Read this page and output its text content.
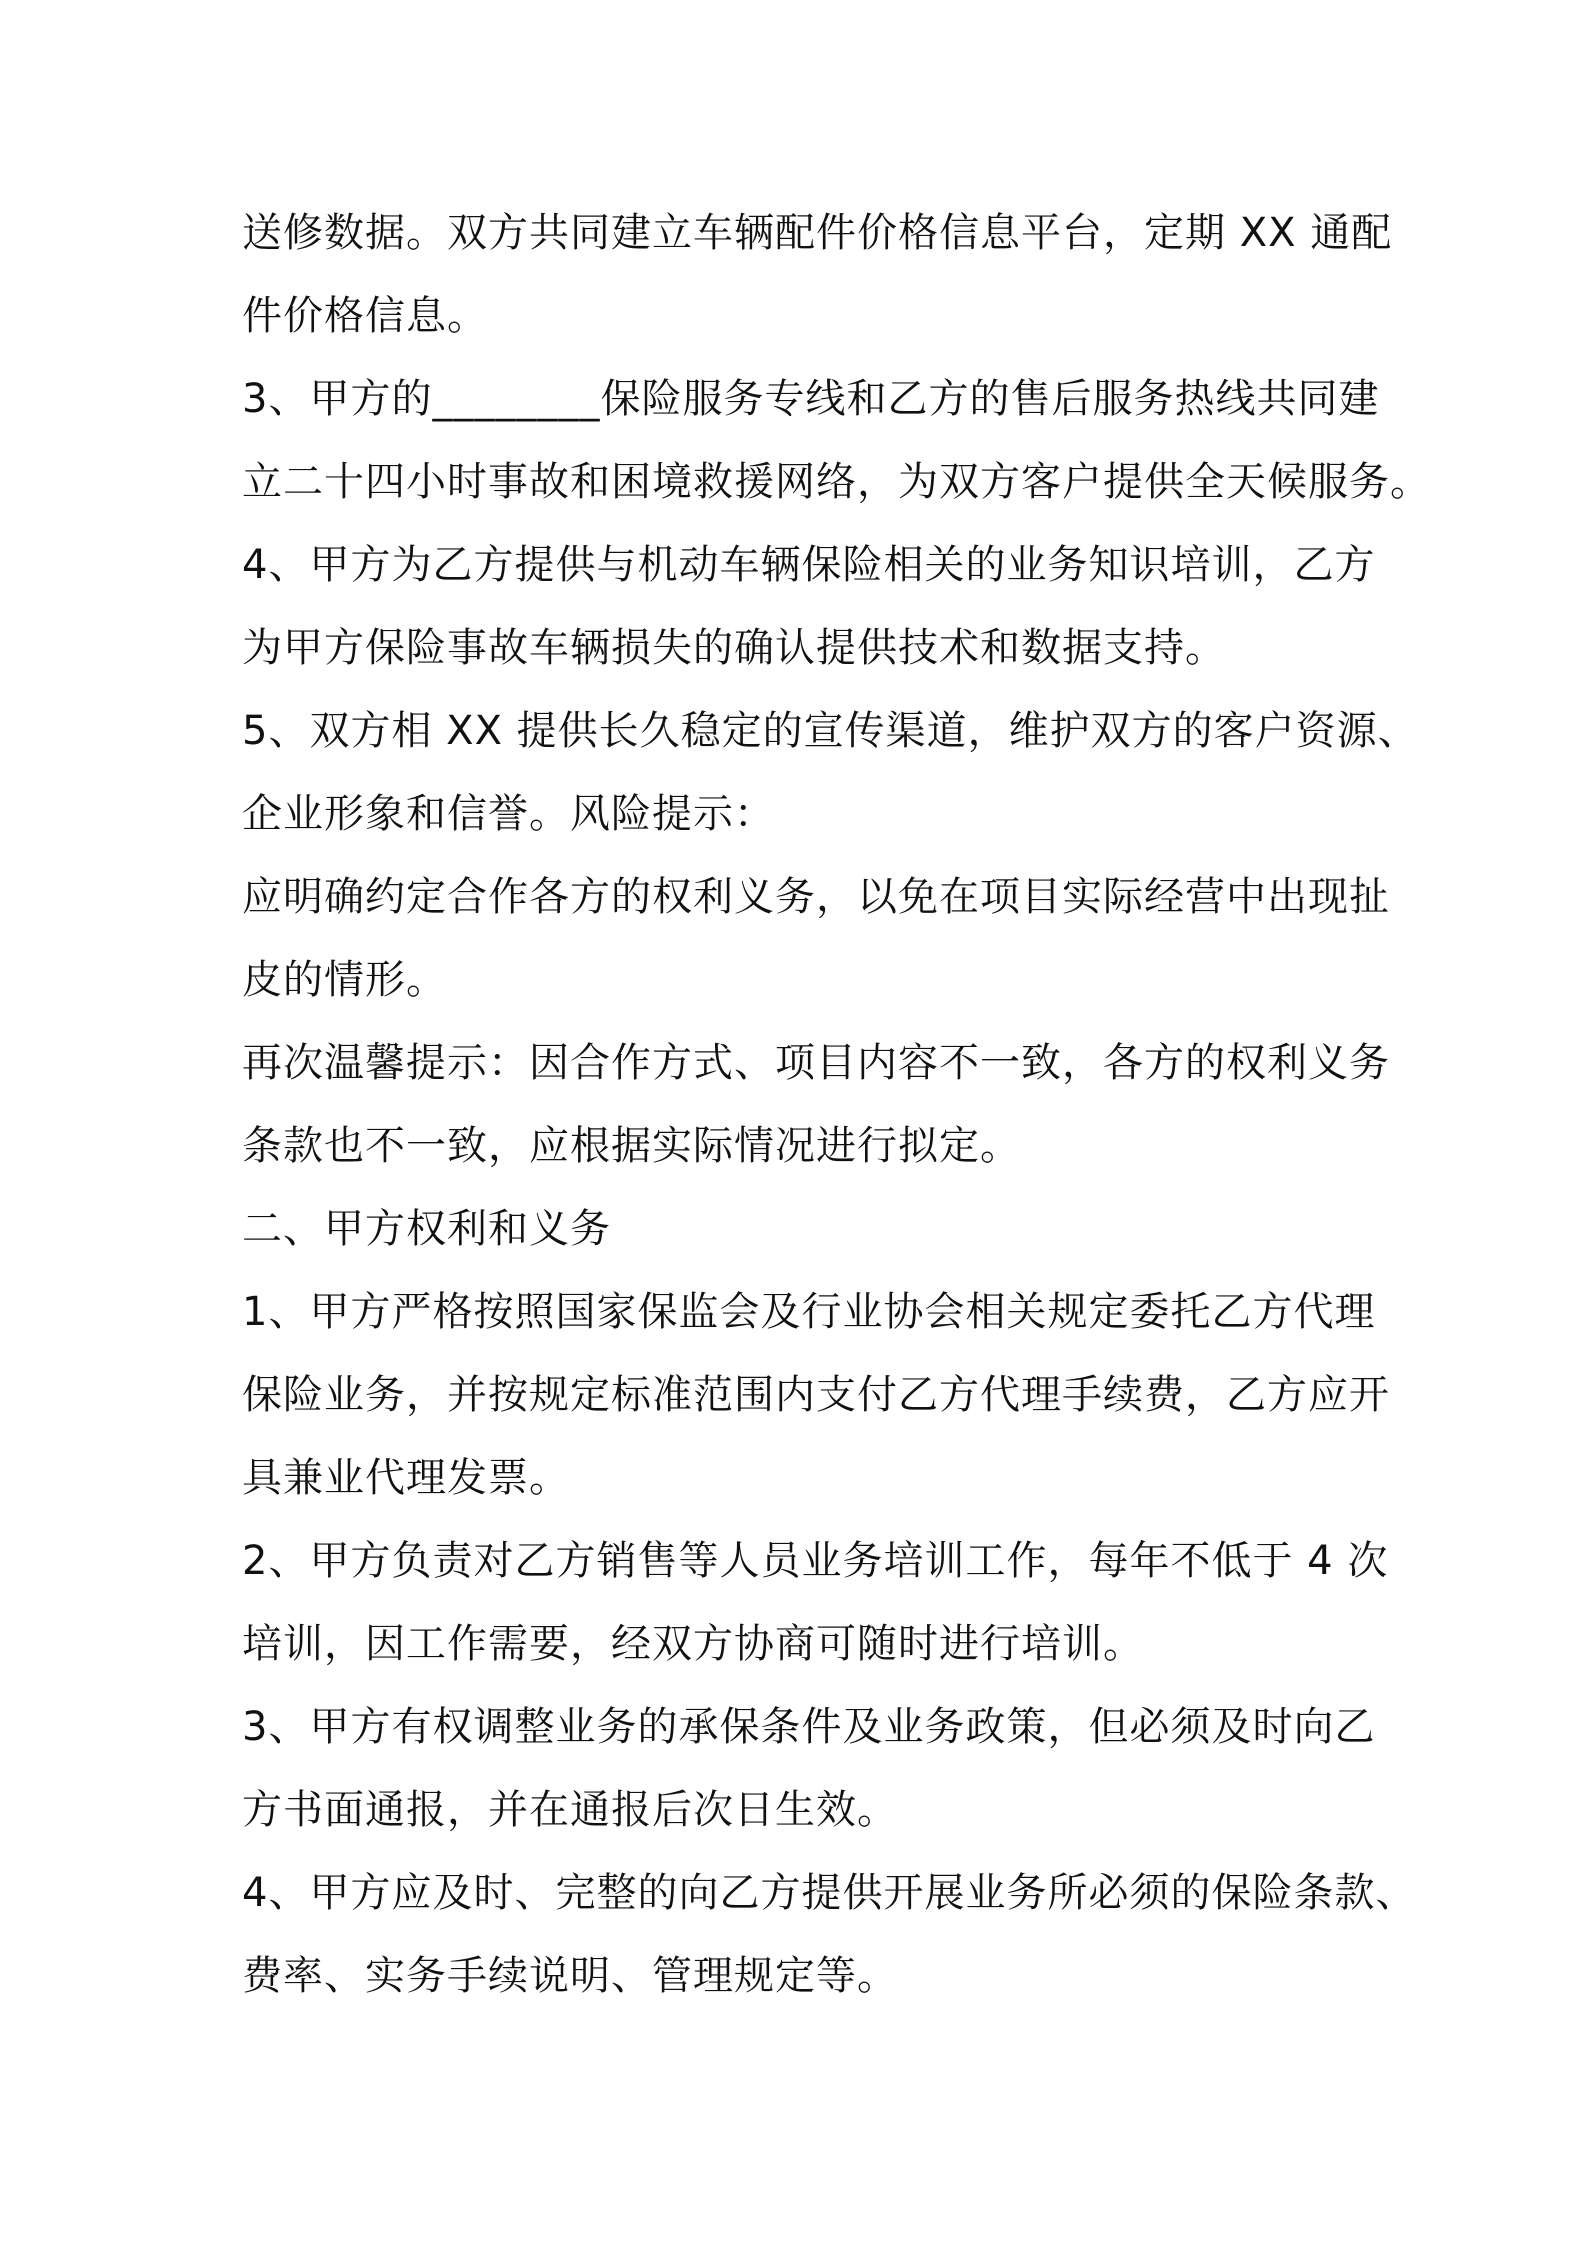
送修数据。双方共同建立车辆配件价格信息平台，定期 XX 通配
件价格信息。
3、甲方的________保险服务专线和乙方的售后服务热线共同建
立二十四小时事故和困境救援网络，为双方客户提供全天候服务。
4、甲方为乙方提供与机动车辆保险相关的业务知识培训，乙方
为甲方保险事故车辆损失的确认提供技术和数据支持。
5、双方相 XX 提供长久稳定的宣传渠道，维护双方的客户资源、
企业形象和信誉。风险提示：
应明确约定合作各方的权利义务，以免在项目实际经营中出现扯
皮的情形。
再次温馨提示：因合作方式、项目内容不一致，各方的权利义务
条款也不一致，应根据实际情况进行拟定。
二、甲方权利和义务
1、甲方严格按照国家保监会及行业协会相关规定委托乙方代理
保险业务，并按规定标准范围内支付乙方代理手续费，乙方应开
具兼业代理发票。
2、甲方负责对乙方销售等人员业务培训工作，每年不低于 4 次
培训，因工作需要，经双方协商可随时进行培训。
3、甲方有权调整业务的承保条件及业务政策，但必须及时向乙
方书面通报，并在通报后次日生效。
4、甲方应及时、完整的向乙方提供开展业务所必须的保险条款、
费率、实务手续说明、管理规定等。
